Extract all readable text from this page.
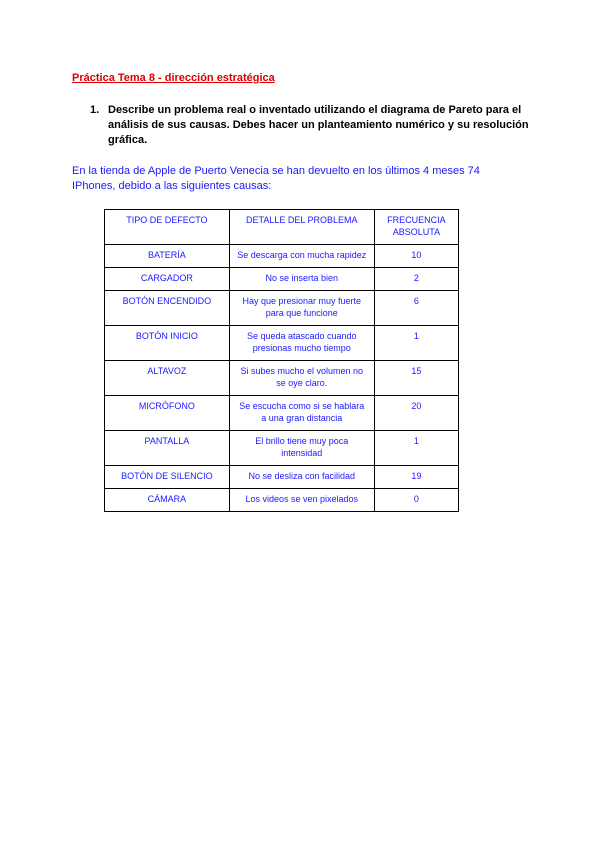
Práctica Tema 8 - dirección estratégica
1. Describe un problema real o inventado utilizando el diagrama de Pareto para el análisis de sus causas. Debes hacer un planteamiento numérico y su resolución gráfica.
En la tienda de Apple de Puerto Venecia se han devuelto en los últimos 4 meses 74 IPhones, debido a las siguientes causas:
TIPO DE DEFECTO	DETALLE DEL PROBLEMA	FRECUENCIA ABSOLUTA
BATERÍA	Se descarga con mucha rapidez	10
CARGADOR	No se inserta bien	2
BOTÓN ENCENDIDO	Hay que presionar muy fuerte para que funcione	6
BOTÓN INICIO	Se queda atascado cuando presionas mucho tiempo	1
ALTAVOZ	Si subes mucho el volumen no se oye claro.	15
MICRÓFONO	Se escucha como si se hablara a una gran distancia	20
PANTALLA	El brillo tiene muy poca intensidad	1
BOTÓN DE SILENCIO	No se desliza con facilidad	19
CÁMARA	Los videos se ven pixelados	0
